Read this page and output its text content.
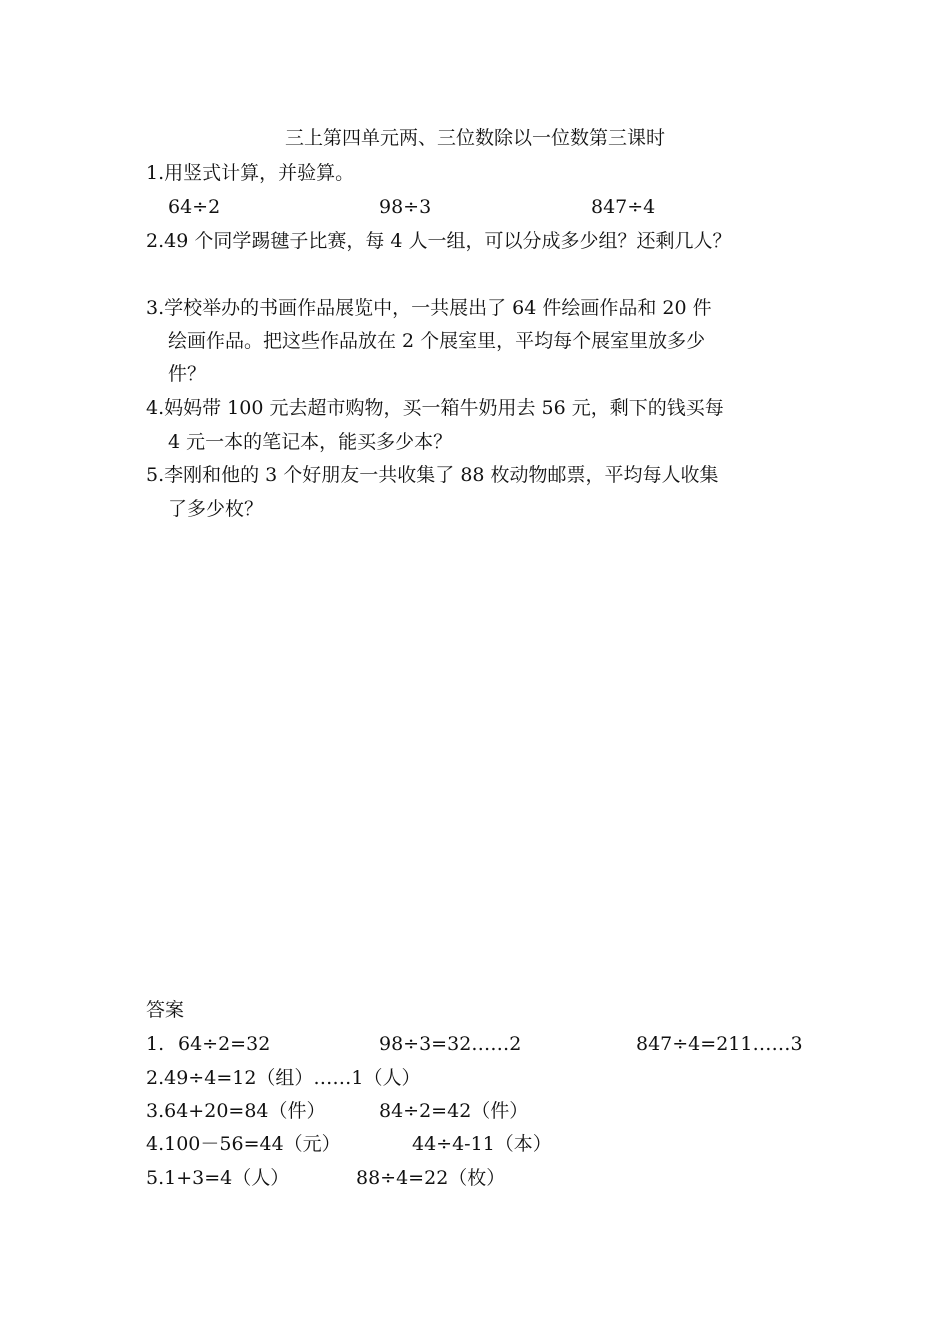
三上第四单元两、三位数除以一位数第三课时
1.用竖式计算，并验算。
64÷2	98÷3	847÷4
2.49 个同学踢毽子比赛，每 4 人一组，可以分成多少组？还剩几人？
3.学校举办的书画作品展览中，一共展出了 64 件绘画作品和 20 件
绘画作品。把这些作品放在 2 个展室里，平均每个展室里放多少
件？
4.妈妈带 100 元去超市购物，买一箱牛奶用去 56 元，剩下的钱买每
4 元一本的笔记本，能买多少本？
5.李刚和他的 3 个好朋友一共收集了 88 枚动物邮票，平均每人收集
了多少枚？
答案
1. 64÷2=32	98÷3=32……2	847÷4=211……3
2.49÷4=12（组）……1（人）
3.64+20=84（件）	84÷2=42（件）
4.100－56=44（元）	44÷4-11（本）
5.1+3=4（人）	88÷4=22（枚）
